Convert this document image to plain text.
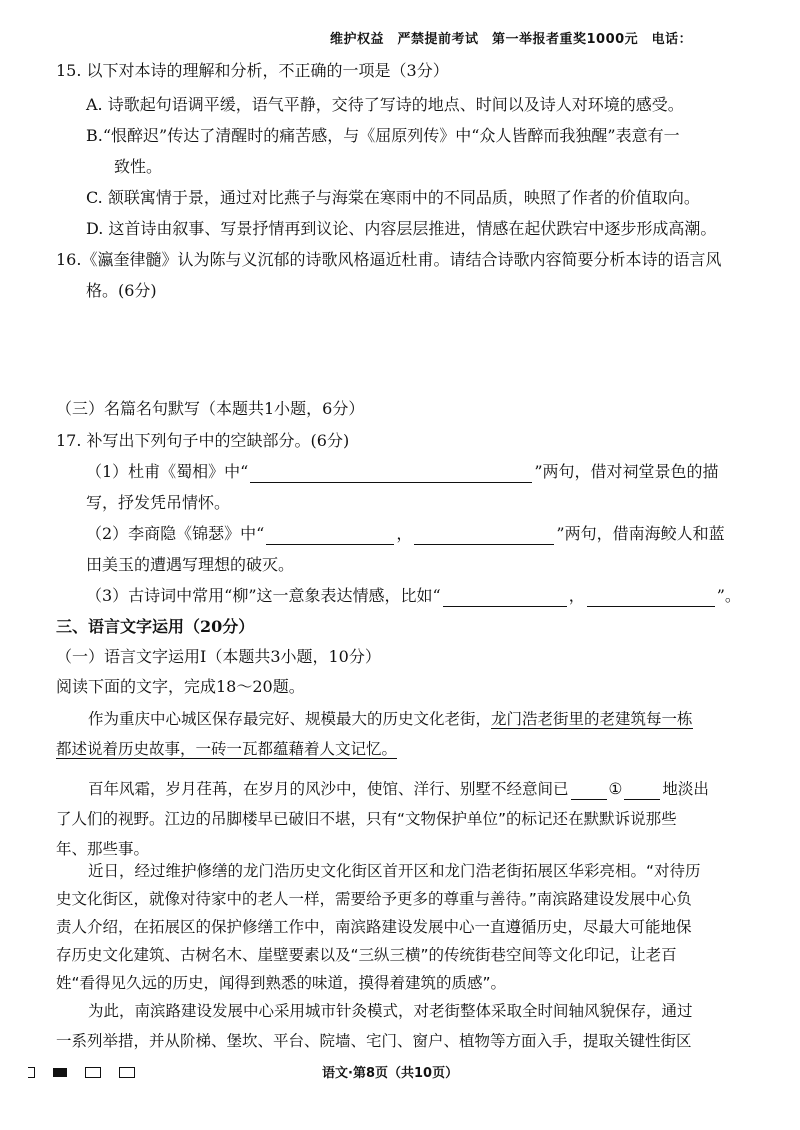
维护权益　严禁提前考试　第一举报者重奖1000元　电话：
15. 以下对本诗的理解和分析，不正确的一项是（3分）
A. 诗歌起句语调平缓，语气平静，交待了写诗的地点、时间以及诗人对环境的感受。
B.“恨醉迟”传达了清醒时的痛苦感，与《屈原列传》中“众人皆醉而我独醒”表意有一
致性。
C. 颔联寓情于景，通过对比燕子与海棠在寒雨中的不同品质，映照了作者的价值取向。
D. 这首诗由叙事、写景抒情再到议论、内容层层推进，情感在起伏跌宕中逐步形成高潮。
16.《瀛奎律髓》认为陈与义沉郁的诗歌风格逼近杜甫。请结合诗歌内容简要分析本诗的语言风
格。(6分)
（三）名篇名句默写（本题共1小题，6分）
17. 补写出下列句子中的空缺部分。(6分)
（1）杜甫《蜀相》中“	”两句，借对祠堂景色的描
写，抒发凭吊情怀。
（2）李商隐《锦瑟》中“	，	”两句，借南海鲛人和蓝
田美玉的遭遇写理想的破灭。
（3）古诗词中常用“柳”这一意象表达情感，比如“	，	”。
三、语言文字运用（20分）
（一）语言文字运用Ⅰ（本题共3小题，10分）
阅读下面的文字，完成18～20题。
作为重庆中心城区保存最完好、规模最大的历史文化老街，龙门浩老街里的老建筑每一栋
都述说着历史故事，一砖一瓦都蕴藉着人文记忆。
百年风霜，岁月荏苒，在岁月的风沙中，使馆、洋行、别墅不经意间已	①	地淡出
了人们的视野。江边的吊脚楼早已破旧不堪，只有“文物保护单位”的标记还在默默诉说那些
年、那些事。
近日，经过维护修缮的龙门浩历史文化街区首开区和龙门浩老街拓展区华彩亮相。“对待历
史文化街区，就像对待家中的老人一样，需要给予更多的尊重与善待。”南滨路建设发展中心负
责人介绍，在拓展区的保护修缮工作中，南滨路建设发展中心一直遵循历史，尽最大可能地保
存历史文化建筑、古树名木、崖壁要素以及“三纵三横”的传统街巷空间等文化印记，让老百
姓“看得见久远的历史，闻得到熟悉的味道，摸得着建筑的质感”。
为此，南滨路建设发展中心采用城市针灸模式，对老街整体采取全时间轴风貌保存，通过
语文·第8页（共10页）
一系列举措，并从阶梯、堡坎、平台、院墙、宅门、窗户、植物等方面入手，提取关键性街区
